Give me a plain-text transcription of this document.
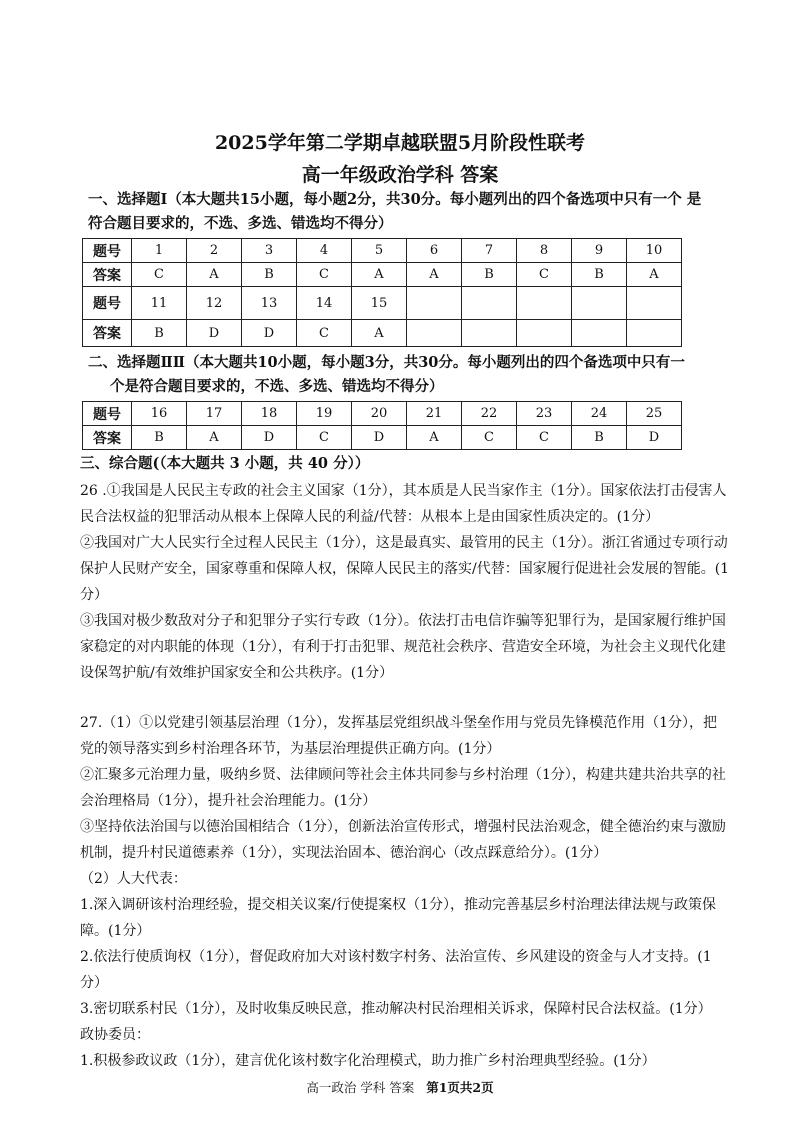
2025学年第二学期卓越联盟5月阶段性联考
高一年级政治学科 答案
一、选择题Ⅰ（本大题共15小题，每小题2分，共30分。每小题列出的四个备选项中只有一个 是
符合题目要求的，不选、多选、错选均不得分）
题号	1	2	3	4	5	6	7	8	9	10
答案	C	A	B	C	A	A	B	C	B	A
题号	11	12	13	14	15					
答案	B	D	D	C	A					
二、选择题ⅡⅡ（本大题共10小题，每小题3分，共30分。每小题列出的四个备选项中只有一
个是符合题目要求的，不选、多选、错选均不得分）
题号	16	17	18	19	20	21	22	23	24	25
答案	B	A	D	C	D	A	C	C	B	D
三、综合题(（本大题共 3 小题，共 40 分））

26 .①我国是人民民主专政的社会主义国家（1分），其本质是人民当家作主（1分）。国家依法打击侵害人民合法权益的犯罪活动从根本上保障人民的利益/代替：从根本上是由国家性质决定的。(1分）

②我国对广大人民实行全过程人民民主（1分），这是最真实、最管用的民主（1分）。浙江省通过专项行动保护人民财产安全，国家尊重和保障人权，保障人民民主的落实/代替：国家履行促进社会发展的智能。(1分）

③我国对极少数敌对分子和犯罪分子实行专政（1分）。依法打击电信诈骗等犯罪行为，是国家履行维护国家稳定的对内职能的体现（1分），有利于打击犯罪、规范社会秩序、营造安全环境，为社会主义现代化建设保驾护航/有效维护国家安全和公共秩序。(1分）

27.（1）①以党建引领基层治理（1分），发挥基层党组织战斗堡垒作用与党员先锋模范作用（1分），把党的领导落实到乡村治理各环节，为基层治理提供正确方向。(1分）

②汇聚多元治理力量，吸纳乡贤、法律顾问等社会主体共同参与乡村治理（1分），构建共建共治共享的社会治理格局（1分），提升社会治理能力。(1分）

③坚持依法治国与以德治国相结合（1分），创新法治宣传形式，增强村民法治观念，健全德治约束与激励机制，提升村民道德素养（1分），实现法治固本、德治润心（改点踩意给分）。(1分）

（2）人大代表：

1.深入调研该村治理经验，提交相关议案/行使提案权（1分），推动完善基层乡村治理法律法规与政策保障。(1分）

2.依法行使质询权（1分），督促政府加大对该村数字村务、法治宣传、乡风建设的资金与人才支持。(1分）

3.密切联系村民（1分），及时收集反映民意，推动解决村民治理相关诉求，保障村民合法权益。(1分）

政协委员：

1.积极参政议政（1分），建言优化该村数字化治理模式，助力推广乡村治理典型经验。(1分）

高一政治 学科 答案 第1页共2页
